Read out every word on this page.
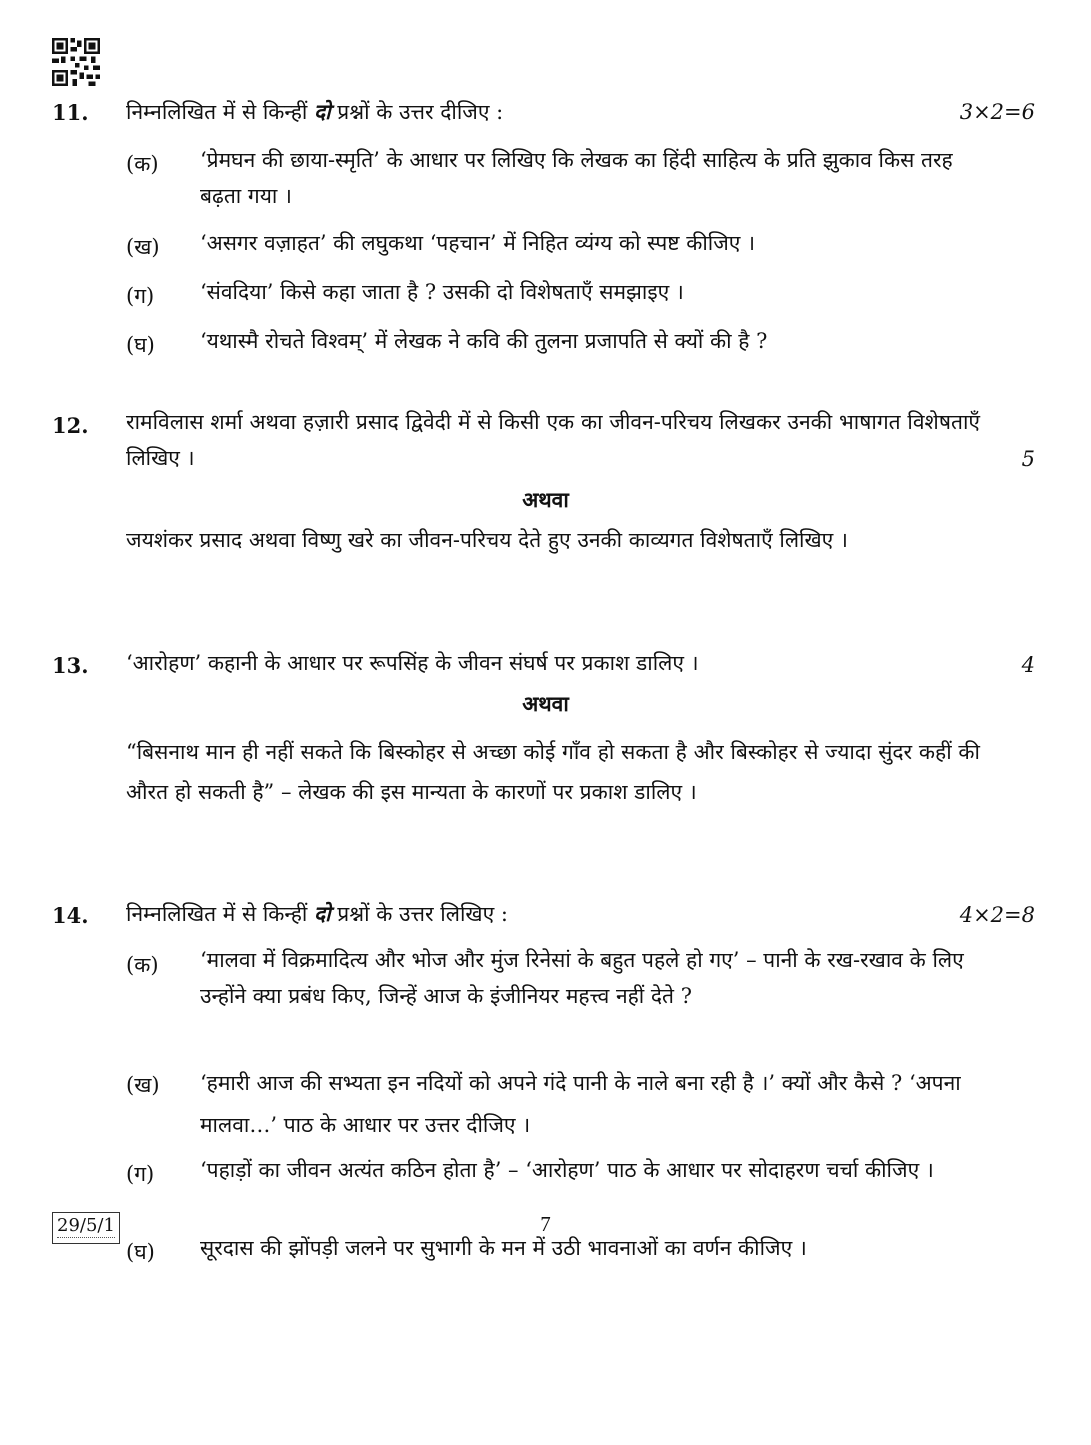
11. निम्नलिखित में से किन्हीं दो प्रश्नों के उत्तर दीजिए :	3×2=6
(क) ‘प्रेमघन की छाया-स्मृति’ के आधार पर लिखिए कि लेखक का हिंदी साहित्य के प्रति झुकाव किस तरह बढ़ता गया ।
(ख) ‘असगर वज़ाहत’ की लघुकथा ‘पहचान’ में निहित व्यंग्य को स्पष्ट कीजिए ।
(ग) ‘संवदिया’ किसे कहा जाता है ? उसकी दो विशेषताएँ समझाइए ।
(घ) ‘यथास्मै रोचते विश्वम्’ में लेखक ने कवि की तुलना प्रजापति से क्यों की है ?
12. रामविलास शर्मा अथवा हज़ारी प्रसाद द्विवेदी में से किसी एक का जीवन-परिचय लिखकर उनकी भाषागत विशेषताएँ लिखिए ।	5
अथवा
जयशंकर प्रसाद अथवा विष्णु खरे का जीवन-परिचय देते हुए उनकी काव्यगत विशेषताएँ लिखिए ।
13. ‘आरोहण’ कहानी के आधार पर रूपसिंह के जीवन संघर्ष पर प्रकाश डालिए ।	4
अथवा
“बिसनाथ मान ही नहीं सकते कि बिस्कोहर से अच्छा कोई गाँव हो सकता है और बिस्कोहर से ज्यादा सुंदर कहीं की औरत हो सकती है” – लेखक की इस मान्यता के कारणों पर प्रकाश डालिए ।
14. निम्नलिखित में से किन्हीं दो प्रश्नों के उत्तर लिखिए :	4×2=8
(क) ‘मालवा में विक्रमादित्य और भोज और मुंज रिनेसां के बहुत पहले हो गए’ – पानी के रख-रखाव के लिए उन्होंने क्या प्रबंध किए, जिन्हें आज के इंजीनियर महत्त्व नहीं देते ?
(ख) ‘हमारी आज की सभ्यता इन नदियों को अपने गंदे पानी के नाले बना रही है ।’ क्यों और कैसे ? ‘अपना मालवा…’ पाठ के आधार पर उत्तर दीजिए ।
(ग) ‘पहाड़ों का जीवन अत्यंत कठिन होता है’ – ‘आरोहण’ पाठ के आधार पर सोदाहरण चर्चा कीजिए ।
(घ) सूरदास की झोंपड़ी जलने पर सुभागी के मन में उठी भावनाओं का वर्णन कीजिए ।
29/5/1	7
